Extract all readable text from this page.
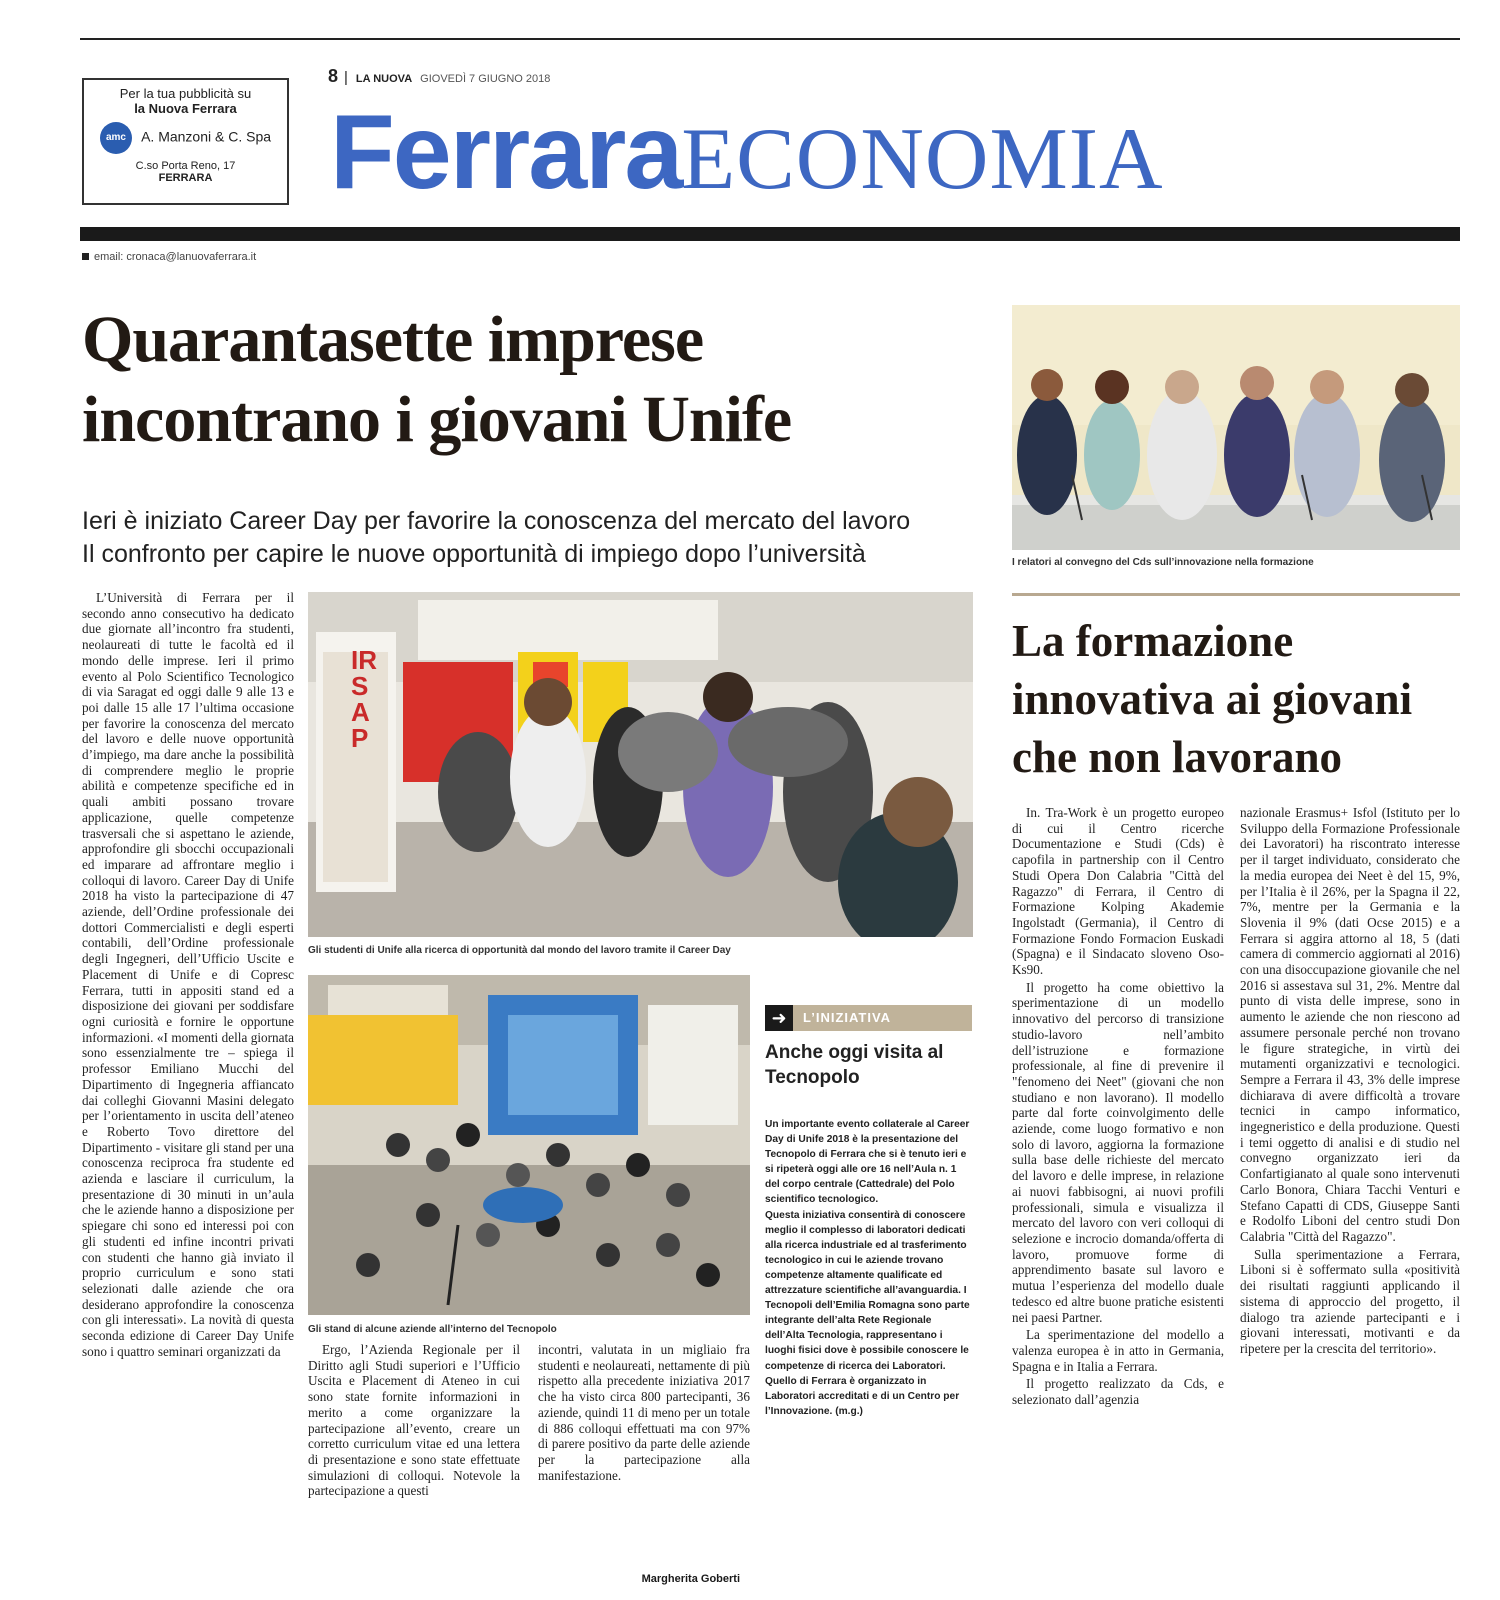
Per la tua pubblicità su
la Nuova Ferrara
amc A. Manzoni & C. Spa
C.so Porta Reno, 17
FERRARA
8 | LA NUOVA GIOVEDÌ 7 GIUGNO 2018
FerraraECONOMIA
email: cronaca@lanuovaferrara.it
Quarantasette imprese incontrano i giovani Unife
Ieri è iniziato Career Day per favorire la conoscenza del mercato del lavoro
Il confronto per capire le nuove opportunità di impiego dopo l’università

L’Università di Ferrara per il secondo anno consecutivo ha dedicato due giornate all’incontro fra studenti, neolaureati di tutte le facoltà ed il mondo delle imprese. Ieri il primo evento al Polo Scientifico Tecnologico di via Saragat ed oggi dalle 9 alle 13 e poi dalle 15 alle 17 l’ultima occasione per favorire la conoscenza del mercato del lavoro e delle nuove opportunità d’impiego, ma dare anche la possibilità di comprendere meglio le proprie abilità e competenze specifiche ed in quali ambiti possano trovare applicazione, quelle competenze trasversali che si aspettano le aziende, approfondire gli sbocchi occupazionali ed imparare ad affrontare meglio i colloqui di lavoro. Career Day di Unife 2018 ha visto la partecipazione di 47 aziende, dell’Ordine professionale dei dottori Commercialisti e degli esperti contabili, dell’Ordine professionale degli Ingegneri, dell’Ufficio Uscite e Placement di Unife e di Copresc Ferrara, tutti in appositi stand ed a disposizione dei giovani per soddisfare ogni curiosità e fornire le opportune informazioni. «I momenti della giornata sono essenzialmente tre – spiega il professor Emiliano Mucchi del Dipartimento di Ingegneria affiancato dai colleghi Giovanni Masini delegato per l’orientamento in uscita dell’ateneo e Roberto Tovo direttore del Dipartimento - visitare gli stand per una conoscenza reciproca fra studente ed azienda e lasciare il curriculum, la presentazione di 30 minuti in un’aula che le aziende hanno a disposizione per spiegare chi sono ed interessi poi con gli studenti ed infine incontri privati con studenti che hanno già inviato il proprio curriculum e sono stati selezionati dalle aziende che ora desiderano approfondire la conoscenza con gli interessati». La novità di questa seconda edizione di Career Day Unife sono i quattro seminari organizzati da

IRSAP
Gli studenti di Unife alla ricerca di opportunità dal mondo del lavoro tramite il Career Day
Gli stand di alcune aziende all’interno del Tecnopolo

Ergo, l’Azienda Regionale per il Diritto agli Studi superiori e l’Ufficio Uscita e Placement di Ateneo in cui sono state fornite informazioni in merito a come organizzare la partecipazione all’evento, creare un corretto curriculum vitae ed una lettera di presentazione e sono state effettuate simulazioni di colloqui. Notevole la partecipazione a questi

incontri, valutata in un migliaio fra studenti e neolaureati, nettamente di più rispetto alla precedente iniziativa 2017 che ha visto circa 800 partecipanti, 36 aziende, quindi 11 di meno per un totale di 886 colloqui effettuati ma con 97% di parere positivo da parte delle aziende per la partecipazione alla manifestazione.

Margherita Goberti
➜	L’INIZIATIVA
Anche oggi visita al Tecnopolo

Un importante evento collaterale al Career Day di Unife 2018 è la presentazione del Tecnopolo di Ferrara che si è tenuto ieri e si ripeterà oggi alle ore 16 nell’Aula n. 1 del corpo centrale (Cattedrale) del Polo scientifico tecnologico.

Questa iniziativa consentirà di conoscere meglio il complesso di laboratori dedicati alla ricerca industriale ed al trasferimento tecnologico in cui le aziende trovano competenze altamente qualificate ed attrezzature scientifiche all’avanguardia. I Tecnopoli dell’Emilia Romagna sono parte integrante dell’alta Rete Regionale dell’Alta Tecnologia, rappresentano i luoghi fisici dove è possibile conoscere le competenze di ricerca dei Laboratori. Quello di Ferrara è organizzato in Laboratori accreditati e di un Centro per l’Innovazione. (m.g.)

I relatori al convegno del Cds sull’innovazione nella formazione
La formazione innovativa ai giovani che non lavorano

In. Tra-Work è un progetto europeo di cui il Centro ricerche Documentazione e Studi (Cds) è capofila in partnership con il Centro Studi Opera Don Calabria "Città del Ragazzo" di Ferrara, il Centro di Formazione Kolping Akademie Ingolstadt (Germania), il Centro di Formazione Fondo Formacion Euskadi (Spagna) e il Sindacato sloveno Oso-Ks90.

Il progetto ha come obiettivo la sperimentazione di un modello innovativo del percorso di transizione studio-lavoro nell’ambito dell’istruzione e formazione professionale, al fine di prevenire il "fenomeno dei Neet" (giovani che non studiano e non lavorano). Il modello parte dal forte coinvolgimento delle aziende, come luogo formativo e non solo di lavoro, aggiorna la formazione sulla base delle richieste del mercato del lavoro e delle imprese, in relazione ai nuovi fabbisogni, ai nuovi profili professionali, simula e visualizza il mercato del lavoro con veri colloqui di selezione e incrocio domanda/offerta di lavoro, promuove forme di apprendimento basate sul lavoro e mutua l’esperienza del modello duale tedesco ed altre buone pratiche esistenti nei paesi Partner.

La sperimentazione del modello a valenza europea è in atto in Germania, Spagna e in Italia a Ferrara.

Il progetto realizzato da Cds, e selezionato dall’agenzia

nazionale Erasmus+ Isfol (Istituto per lo Sviluppo della Formazione Professionale dei Lavoratori) ha riscontrato interesse per il target individuato, considerato che la media europea dei Neet è del 15, 9%, per l’Italia è il 26%, per la Spagna il 22, 7%, mentre per la Germania e la Slovenia il 9% (dati Ocse 2015) e a Ferrara si aggira attorno al 18, 5 (dati camera di commercio aggiornati al 2016) con una disoccupazione giovanile che nel 2016 si assestava sul 31, 2%. Mentre dal punto di vista delle imprese, sono in aumento le aziende che non riescono ad assumere personale perché non trovano le figure strategiche, in virtù dei mutamenti organizzativi e tecnologici. Sempre a Ferrara il 43, 3% delle imprese dichiarava di avere difficoltà a trovare tecnici in campo informatico, ingegneristico e della produzione. Questi i temi oggetto di analisi e di studio nel convegno organizzato ieri da Confartigianato al quale sono intervenuti Carlo Bonora, Chiara Tacchi Venturi e Stefano Capatti di CDS, Giuseppe Santi e Rodolfo Liboni del centro studi Don Calabria "Città del Ragazzo".

Sulla sperimentazione a Ferrara, Liboni si è soffermato sulla «positività dei risultati raggiunti applicando il sistema di approccio del progetto, il dialogo tra aziende partecipanti e i giovani interessati, motivanti e da ripetere per la crescita del territorio».
